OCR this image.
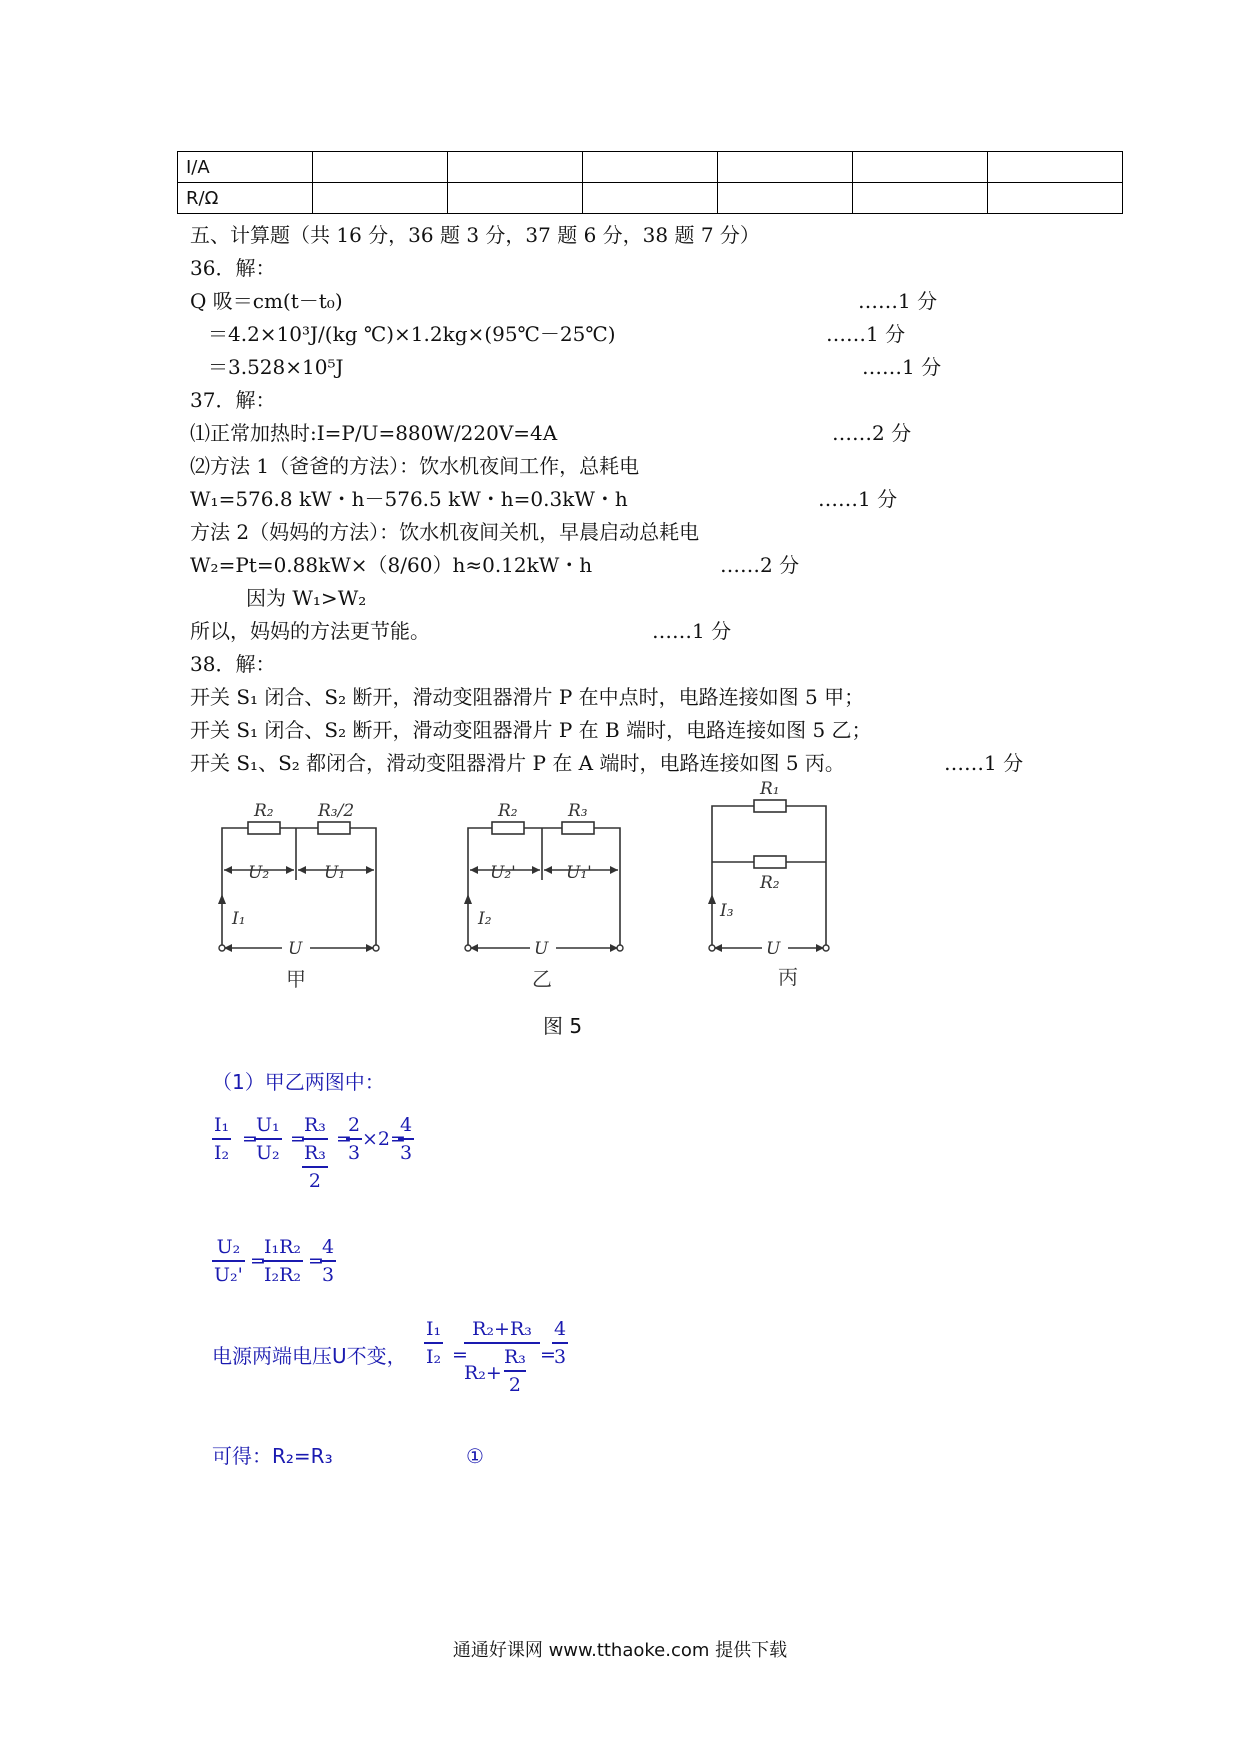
I/A						
R/Ω						
五、计算题（共 16 分，36 题 3 分，37 题 6 分，38 题 7 分）
36．解：
Q 吸＝cm(t－t₀)	……1 分
＝4.2×10³J/(kg ℃)×1.2kg×(95℃－25℃)	……1 分
＝3.528×10⁵J	……1 分
37．解：
⑴正常加热时:I=P/U=880W/220V=4A	……2 分
⑵方法 1（爸爸的方法）：饮水机夜间工作，总耗电
W₁=576.8 kW・h－576.5 kW・h=0.3kW・h	……1 分
方法 2（妈妈的方法）：饮水机夜间关机，早晨启动总耗电
W₂=Pt=0.88kW×（8/60）h≈0.12kW・h	……2 分
因为 W₁>W₂
所以，妈妈的方法更节能。	……1 分
38．解：
开关 S₁ 闭合、S₂ 断开，滑动变阻器滑片 P 在中点时，电路连接如图 5 甲；
开关 S₁ 闭合、S₂ 断开，滑动变阻器滑片 P 在 B 端时，电路连接如图 5 乙；
开关 S₁、S₂ 都闭合，滑动变阻器滑片 P 在 A 端时，电路连接如图 5 丙。	……1 分
R₂	R₃/2
U₂	U₁
I₁
U
R₂	R₃
U₂'	U₁'
I₂
U
R₁
R₂
I₃
U
甲	乙	丙
图 5
（1）甲乙两图中：
$\frac{\text{I₁}}{\text{I₂}}$ =
$\frac{\text{U₁}}{\text{U₂}}$ =
R₃
R₃
2
=
$\frac{2}{3} \times 2=$
$\frac{4}{3}$
$\frac{\text{U₂}}{\text{U₂'}}$ =
$\frac{\text{I₁R₂}}{\text{I₂R₂}}$ =
$\frac{4}{3}$
电源两端电压U不变， $\frac{\text{I₁}}{\text{I₂}}$ =
$\frac{\text{R₂+R₃}}{R_2+ \frac{\text{R₃}}{2}}$ =
$\frac{4}{3}$
可得：R₂=R₃	①
通通好课网 www.tthaoke.com 提供下载
